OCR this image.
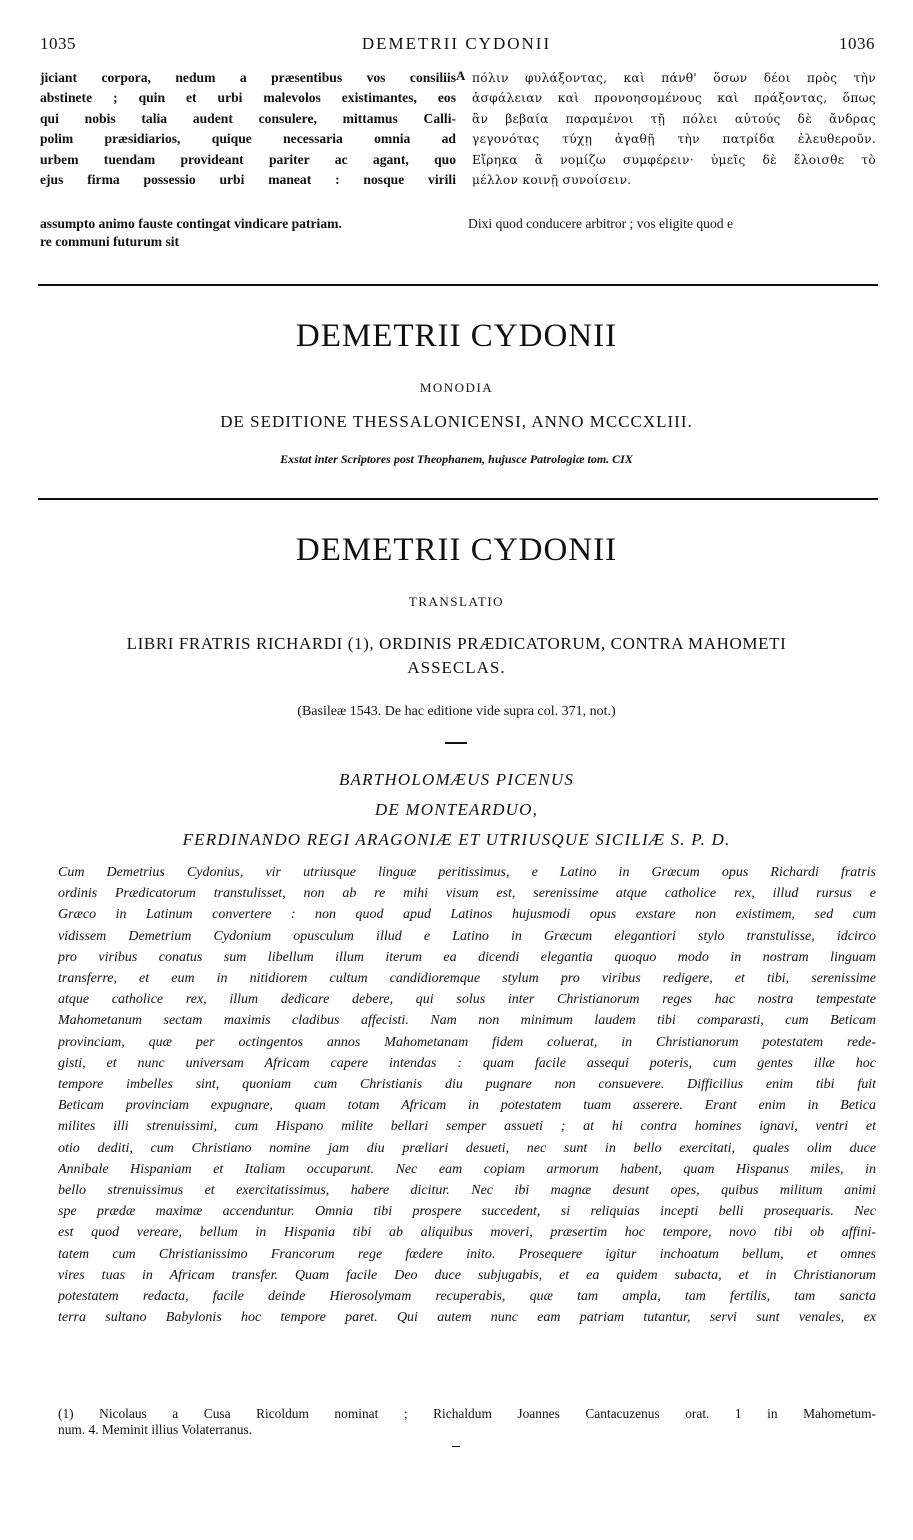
1035	DEMETRII CYDONII	1036
jiciant corpora, nedum a præsentibus vos consiliis
abstinete ; quin et urbi malevolos existimantes, eos
qui nobis talia audent consulere, mittamus Calli-
polim præsidiarios, quique necessaria omnia ad
urbem tuendam provideant pariter ac agant, quo
ejus firma possessio urbi maneat : nosque virili
A πόλιν φυλάξοντας, καὶ πάνθ' ὅσων δέοι πρὸς τὴν
ἀσφάλειαν καὶ προνοησομένους καὶ πράξοντας, ὅπως
ἂν βεβαία παραμένοι τῇ πόλει αὐτούς δὲ ἄνδρας
γεγονότας τύχῃ ἀγαθῇ τὴν πατρίδα ἐλευθεροῦν.
Εἴρηκα ἃ νομίζω συμφέρειν· ὑμεῖς δὲ ἕλοισθε τὸ
μέλλον κοινῇ συνοίσειν.
assumpto animo fauste contingat vindicare patriam.	Dixi quod conducere arbitror ; vos eligite quod e
re communi futurum sit
DEMETRII CYDONII
MONODIA
DE SEDITIONE THESSALONICENSI, ANNO MCCCXLIII.
Exstat inter Scriptores post Theophanem, hujusce Patrologiæ tom. CIX
DEMETRII CYDONII
TRANSLATIO
LIBRI FRATRIS RICHARDI (1), ORDINIS PRÆDICATORUM, CONTRA MAHOMETI
ASSECLAS.
(Basileæ 1543. De hac editione vide supra col. 371, not.)
BARTHOLOMÆUS PICENUS
DE MONTEARDUO,
FERDINANDO REGI ARAGONIÆ ET UTRIUSQUE SICILIÆ S. P. D.
Cum Demetrius Cydonius, vir utriusque linguæ peritissimus, e Latino in Græcum opus Richardi fratris
ordinis Prædicatorum transtulisset, non ab re mihi visum est, serenissime atque catholice rex, illud rursus e
Græco in Latinum convertere : non quod apud Latinos hujusmodi opus exstare non existimem, sed cum
vidissem Demetrium Cydonium opusculum illud e Latino in Græcum elegantiori stylo transtulisse, idcirco
pro viribus conatus sum libellum illum iterum ea dicendi elegantia quoquo modo in nostram linguam
transferre, et eum in nitidiorem cultum candidioremque stylum pro viribus redigere, et tibi, serenissime
atque catholice rex, illum dedicare debere, qui solus inter Christianorum reges hac nostra tempestate
Mahometanum sectam maximis cladibus affecisti. Nam non minimum laudem tibi comparasti, cum Beticam
provinciam, quæ per octingentos annos Mahometanam fidem coluerat, in Christianorum potestatem rede-
gisti, et nunc universam Africam capere intendas : quam facile assequi poteris, cum gentes illæ hoc
tempore imbelles sint, quoniam cum Christianis diu pugnare non consuevere. Difficilius enim tibi fuit
Beticam provinciam expugnare, quam totam Africam in potestatem tuam asserere. Erant enim in Betica
milites illi strenuissimi, cum Hispano milite bellari semper assueti ; at hi contra homines ignavi, ventri et
otio dediti, cum Christiano nomine jam diu præliari desueti, nec sunt in bello exercitati, quales olim duce
Annibale Hispaniam et Italiam occuparunt. Nec eam copiam armorum habent, quam Hispanus miles, in
bello strenuissimus et exercitatissimus, habere dicitur. Nec ibi magnæ desunt opes, quibus militum animi
spe prædæ maximæ accenduntur. Omnia tibi prospere succedent, si reliquias incepti belli prosequaris. Nec
est quod vereare, bellum in Hispania tibi ab aliquibus moveri, præsertim hoc tempore, novo tibi ob affini-
tatem cum Christianissimo Francorum rege fœdere inito. Prosequere igitur inchoatum bellum, et omnes
vires tuas in Africam transfer. Quam facile Deo duce subjugabis, et ea quidem subacta, et in Christianorum
potestatem redacta, facile deinde Hierosolymam recuperabis, quæ tam ampla, tam fertilis, tam sancta
terra sultano Babylonis hoc tempore paret. Qui autem nunc eam patriam tutantur, servi sunt venales, ex
(1) Nicolaus a Cusa Ricoldum nominat ; Richaldum Joannes Cantacuzenus orat. 1 in Mahometum-
num. 4. Meminit illius Volaterranus.
